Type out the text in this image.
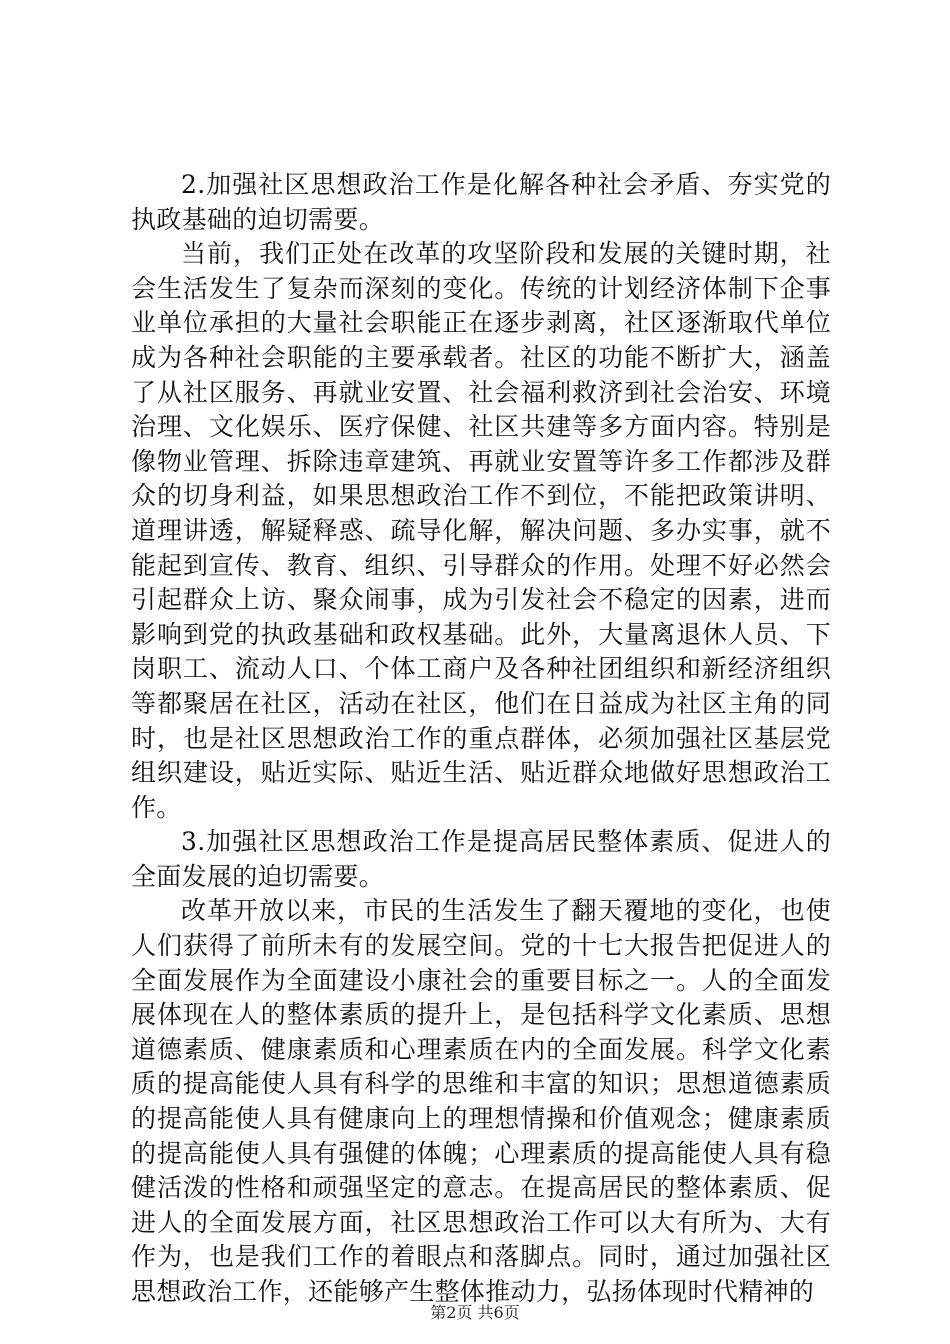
2.加强社区思想政治工作是化解各种社会矛盾、夯实党的执政基础的迫切需要。

当前，我们正处在改革的攻坚阶段和发展的关键时期，社会生活发生了复杂而深刻的变化。传统的计划经济体制下企事业单位承担的大量社会职能正在逐步剥离，社区逐渐取代单位成为各种社会职能的主要承载者。社区的功能不断扩大，涵盖了从社区服务、再就业安置、社会福利救济到社会治安、环境治理、文化娱乐、医疗保健、社区共建等多方面内容。特别是像物业管理、拆除违章建筑、再就业安置等许多工作都涉及群众的切身利益，如果思想政治工作不到位，不能把政策讲明、道理讲透，解疑释惑、疏导化解，解决问题、多办实事，就不能起到宣传、教育、组织、引导群众的作用。处理不好必然会引起群众上访、聚众闹事，成为引发社会不稳定的因素，进而影响到党的执政基础和政权基础。此外，大量离退休人员、下岗职工、流动人口、个体工商户及各种社团组织和新经济组织等都聚居在社区，活动在社区，他们在日益成为社区主角的同时，也是社区思想政治工作的重点群体，必须加强社区基层党组织建设，贴近实际、贴近生活、贴近群众地做好思想政治工作。

3.加强社区思想政治工作是提高居民整体素质、促进人的全面发展的迫切需要。

改革开放以来，市民的生活发生了翻天覆地的变化，也使人们获得了前所未有的发展空间。党的十七大报告把促进人的全面发展作为全面建设小康社会的重要目标之一。人的全面发展体现在人的整体素质的提升上，是包括科学文化素质、思想道德素质、健康素质和心理素质在内的全面发展。科学文化素质的提高能使人具有科学的思维和丰富的知识；思想道德素质的提高能使人具有健康向上的理想情操和价值观念；健康素质的提高能使人具有强健的体魄；心理素质的提高能使人具有稳健活泼的性格和顽强坚定的意志。在提高居民的整体素质、促进人的全面发展方面，社区思想政治工作可以大有所为、大有作为，也是我们工作的着眼点和落脚点。同时，通过加强社区思想政治工作，还能够产生整体推动力，弘扬体现时代精神的

第2页 共6页
